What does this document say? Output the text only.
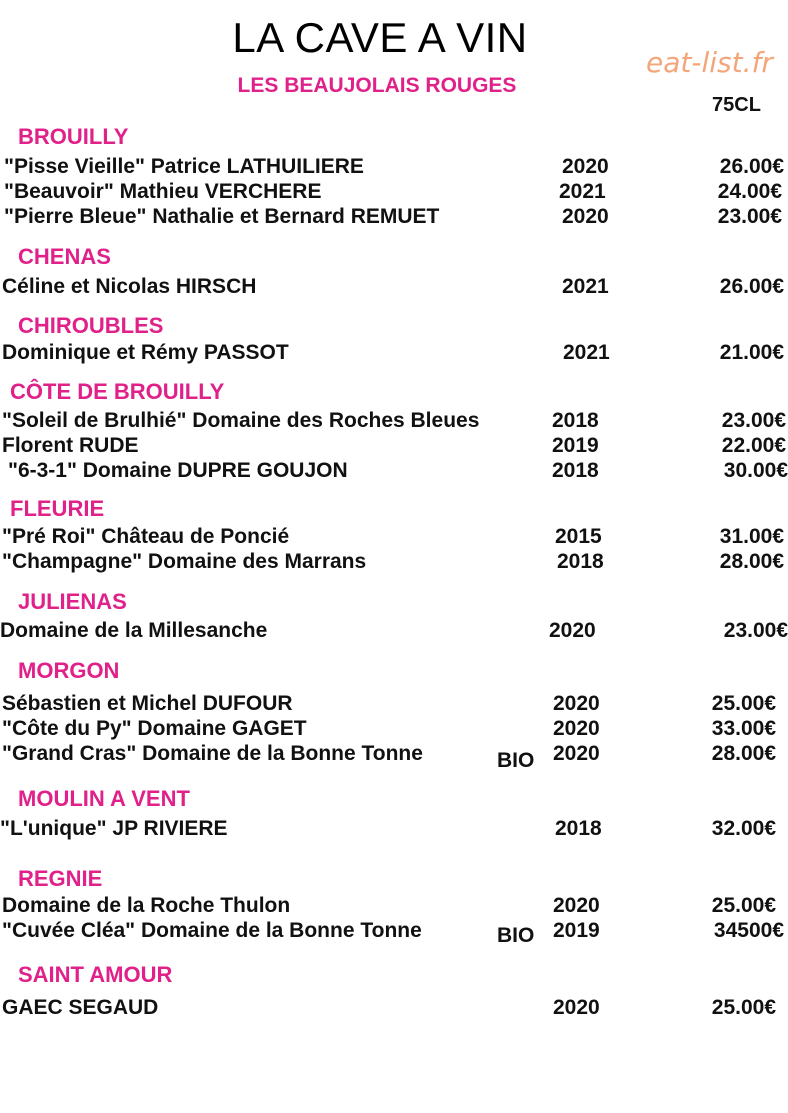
LA CAVE A VIN
eat-list.fr
LES BEAUJOLAIS ROUGES
75CL
BROUILLY
"Pisse Vieille" Patrice LATHUILIERE	2020	26.00€
"Beauvoir" Mathieu VERCHERE	2021	24.00€
"Pierre Bleue" Nathalie et Bernard REMUET	2020	23.00€
CHENAS
Céline et Nicolas HIRSCH	2021	26.00€
CHIROUBLES
Dominique et Rémy PASSOT	2021	21.00€
CÔTE DE BROUILLY
"Soleil de Brulhié" Domaine des Roches Bleues	2018	23.00€
Florent RUDE	2019	22.00€
"6-3-1" Domaine DUPRE GOUJON	2018	30.00€
FLEURIE
"Pré Roi" Château de Poncié	2015	31.00€
"Champagne" Domaine des Marrans	2018	28.00€
JULIENAS
Domaine de la Millesanche	2020	23.00€
MORGON
Sébastien et Michel DUFOUR	2020	25.00€
"Côte du Py" Domaine GAGET	2020	33.00€
"Grand Cras" Domaine de la Bonne Tonne	BIO 2020	28.00€
MOULIN A VENT
"L'unique" JP RIVIERE	2018	32.00€
REGNIE
Domaine de la Roche Thulon	2020	25.00€
"Cuvée Cléa" Domaine de la Bonne Tonne	BIO 2019	34500€
SAINT AMOUR
GAEC SEGAUD	2020	25.00€
